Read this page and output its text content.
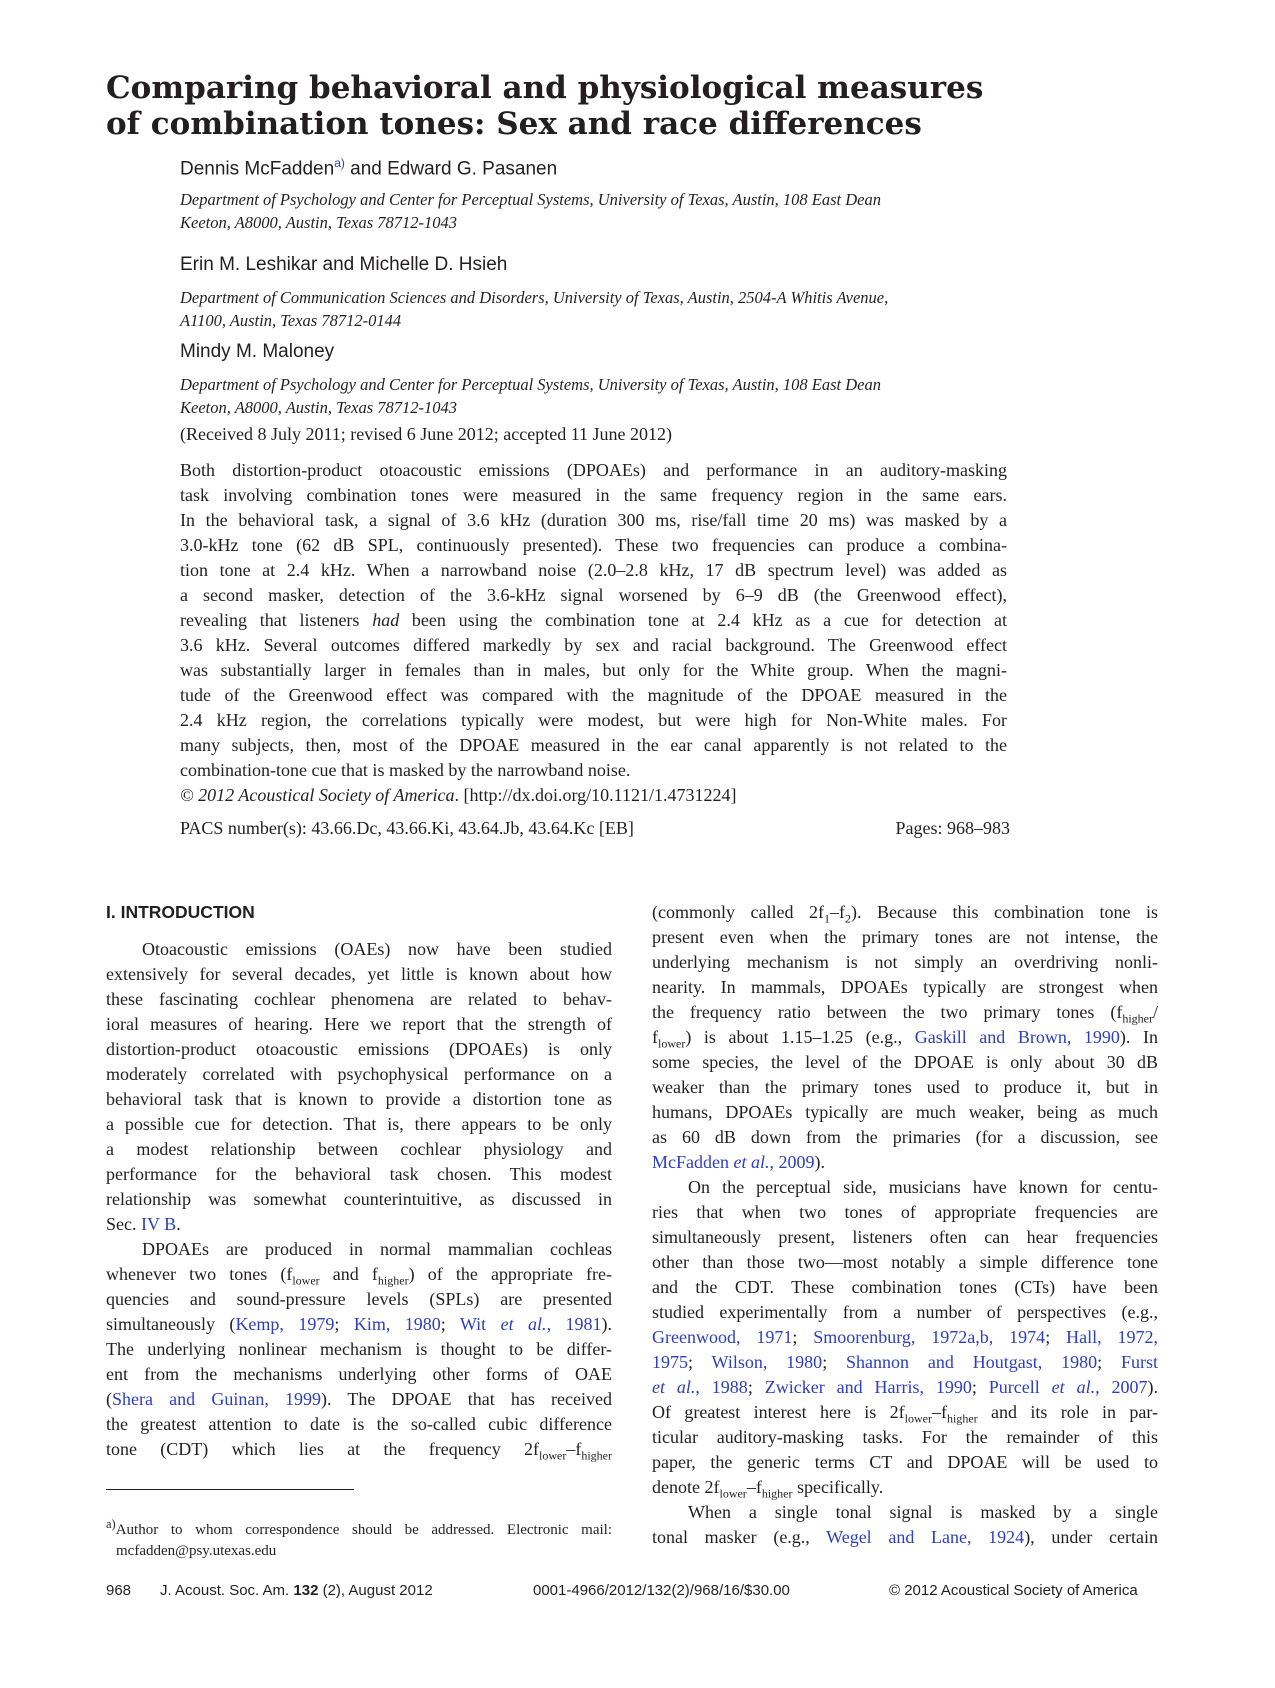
Comparing behavioral and physiological measures
of combination tones: Sex and race differences
Dennis McFadden$^{a)}$ and Edward G. Pasanen
Department of Psychology and Center for Perceptual Systems, University of Texas, Austin, 108 East Dean
Keeton, A8000, Austin, Texas 78712-1043
Erin M. Leshikar and Michelle D. Hsieh
Department of Communication Sciences and Disorders, University of Texas, Austin, 2504-A Whitis Avenue,
A1100, Austin, Texas 78712-0144
Mindy M. Maloney
Department of Psychology and Center for Perceptual Systems, University of Texas, Austin, 108 East Dean
Keeton, A8000, Austin, Texas 78712-1043
(Received 8 July 2011; revised 6 June 2012; accepted 11 June 2012)
Both distortion-product otoacoustic emissions (DPOAEs) and performance in an auditory-masking
task involving combination tones were measured in the same frequency region in the same ears.
In the behavioral task, a signal of 3.6 kHz (duration 300 ms, rise/fall time 20 ms) was masked by a
3.0-kHz tone (62 dB SPL, continuously presented). These two frequencies can produce a combina-
tion tone at 2.4 kHz. When a narrowband noise (2.0–2.8 kHz, 17 dB spectrum level) was added as
a second masker, detection of the 3.6-kHz signal worsened by 6–9 dB (the Greenwood effect),
revealing that listeners had been using the combination tone at 2.4 kHz as a cue for detection at
3.6 kHz. Several outcomes differed markedly by sex and racial background. The Greenwood effect
was substantially larger in females than in males, but only for the White group. When the magni-
tude of the Greenwood effect was compared with the magnitude of the DPOAE measured in the
2.4 kHz region, the correlations typically were modest, but were high for Non-White males. For
many subjects, then, most of the DPOAE measured in the ear canal apparently is not related to the
combination-tone cue that is masked by the narrowband noise.
© 2012 Acoustical Society of America. [http://dx.doi.org/10.1121/1.4731224]
PACS number(s): 43.66.Dc, 43.66.Ki, 43.64.Jb, 43.64.Kc [EB]	Pages: 968–983
I. INTRODUCTION
Otoacoustic emissions (OAEs) now have been studied
extensively for several decades, yet little is known about how
these fascinating cochlear phenomena are related to behav-
ioral measures of hearing. Here we report that the strength of
distortion-product otoacoustic emissions (DPOAEs) is only
moderately correlated with psychophysical performance on a
behavioral task that is known to provide a distortion tone as
a possible cue for detection. That is, there appears to be only
a modest relationship between cochlear physiology and
performance for the behavioral task chosen. This modest
relationship was somewhat counterintuitive, as discussed in
Sec. IV B.
DPOAEs are produced in normal mammalian cochleas
whenever two tones ($f_{lower}$ and $f_{higher}$) of the appropriate fre-
quencies and sound-pressure levels (SPLs) are presented
simultaneously (Kemp, 1979; Kim, 1980; Wit et al., 1981).
The underlying nonlinear mechanism is thought to be differ-
ent from the mechanisms underlying other forms of OAE
(Shera and Guinan, 1999). The DPOAE that has received
the greatest attention to date is the so-called cubic difference
tone (CDT) which lies at the frequency $2f_{lower}-f_{higher}$
$^{a)}$Author to whom correspondence should be addressed. Electronic mail:
mcfadden@psy.utexas.edu
(commonly called $2f_1-f_2$). Because this combination tone is
present even when the primary tones are not intense, the
underlying mechanism is not simply an overdriving nonli-
nearity. In mammals, DPOAEs typically are strongest when
the frequency ratio between the two primary tones ($f_{higher}/$
$f_{lower}$) is about 1.15–1.25 (e.g., Gaskill and Brown, 1990). In
some species, the level of the DPOAE is only about 30 dB
weaker than the primary tones used to produce it, but in
humans, DPOAEs typically are much weaker, being as much
as 60 dB down from the primaries (for a discussion, see
McFadden et al., 2009).
On the perceptual side, musicians have known for centu-
ries that when two tones of appropriate frequencies are
simultaneously present, listeners often can hear frequencies
other than those two—most notably a simple difference tone
and the CDT. These combination tones (CTs) have been
studied experimentally from a number of perspectives (e.g.,
Greenwood, 1971; Smoorenburg, 1972a,b, 1974; Hall, 1972,
1975; Wilson, 1980; Shannon and Houtgast, 1980; Furst
et al., 1988; Zwicker and Harris, 1990; Purcell et al., 2007).
Of greatest interest here is $2f_{lower}-f_{higher}$ and its role in par-
ticular auditory-masking tasks. For the remainder of this
paper, the generic terms CT and DPOAE will be used to
denote $2f_{lower}-f_{higher}$ specifically.
When a single tonal signal is masked by a single
tonal masker (e.g., Wegel and Lane, 1924), under certain
968 J. Acoust. Soc. Am. 132 (2), August 2012	0001-4966/2012/132(2)/968/16/$30.00	© 2012 Acoustical Society of America
